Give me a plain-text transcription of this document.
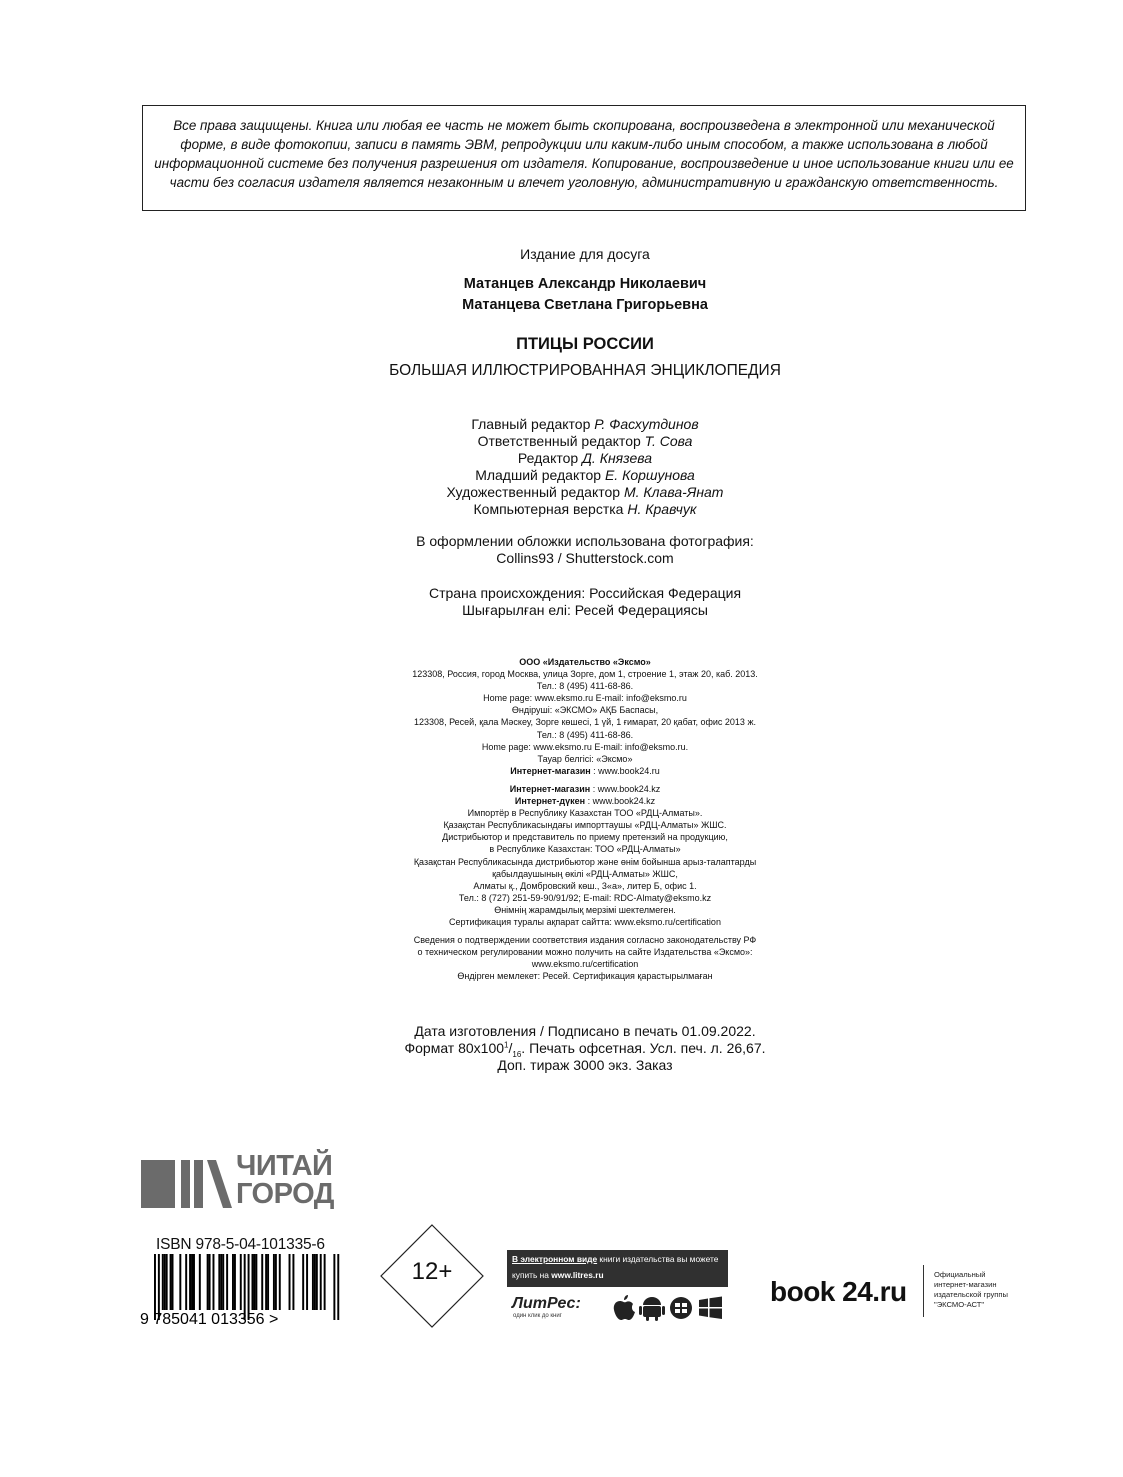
Все права защищены. Книга или любая ее часть не может быть скопирована, воспроизведена в электронной или механической форме, в виде фотокопии, записи в память ЭВМ, репродукции или каким-либо иным способом, а также использована в любой информационной системе без получения разрешения от издателя. Копирование, воспроизведение и иное использование книги или ее части без согласия издателя является незаконным и влечет уголовную, административную и гражданскую ответственность.
Издание для досуга
Матанцев Александр Николаевич
Матанцева Светлана Григорьевна
ПТИЦЫ РОССИИ
БОЛЬШАЯ ИЛЛЮСТРИРОВАННАЯ ЭНЦИКЛОПЕДИЯ
Главный редактор Р. Фасхутдинов
Ответственный редактор Т. Сова
Редактор Д. Князева
Младший редактор Е. Коршунова
Художественный редактор М. Клава-Янат
Компьютерная верстка Н. Кравчук
В оформлении обложки использована фотография:
Collins93 / Shutterstock.com
Страна происхождения: Российская Федерация
Шығарылған елі: Ресей Федерациясы
ООО «Издательство «Эксмо»
123308, Россия, город Москва, улица Зорге, дом 1, строение 1, этаж 20, каб. 2013.
Тел.: 8 (495) 411-68-86.
Home page: www.eksmo.ru E-mail: info@eksmo.ru
Өндіруші: «ЭКСМО» АҚБ Баспасы,
123308, Ресей, қала Мәскеу, Зорге көшесі, 1 үй, 1 ғимарат, 20 қабат, офис 2013 ж.
Тел.: 8 (495) 411-68-86.
Home page: www.eksmo.ru E-mail: info@eksmo.ru.
Тауар белгісі: «Эксмо»
Интернет-магазин : www.book24.ru
Интернет-магазин : www.book24.kz
Интернет-дүкен : www.book24.kz
Импортёр в Республику Казахстан ТОО «РДЦ-Алматы».
Қазақстан Республикасындағы импорттаушы «РДЦ-Алматы» ЖШС.
Дистрибьютор и представитель по приему претензий на продукцию,
в Республике Казахстан: ТОО «РДЦ-Алматы»
Қазақстан Республикасында дистрибьютор және өнім бойынша арыз-талаптарды
қабылдаушының өкілі «РДЦ-Алматы» ЖШС,
Алматы қ., Домбровский көш., 3«а», литер Б, офис 1.
Тел.: 8 (727) 251-59-90/91/92; E-mail: RDC-Almaty@eksmo.kz
Өнімнің жарамдылық мерзімі шектелмеген.
Сертификация туралы ақпарат сайтта: www.eksmo.ru/certification
Сведения о подтверждении соответствия издания согласно законодательству РФ
о техническом регулировании можно получить на сайте Издательства «Эксмо»:
www.eksmo.ru/certification
Өндірген мемлекет: Ресей. Сертификация қарастырылмаған
Дата изготовления / Подписано в печать 01.09.2022.
Формат $80х100^1/_{16}$. Печать офсетная. Усл. печ. л. 26,67.
Доп. тираж 3000 экз. Заказ
ЧИТАЙ
ГОРОД
ISBN 978-5-04-101335-6
9 785041 013356 >
12+	В электронном виде книги издательства вы можете
купить на www.litres.ru
ЛитРес:
один клик до книг
book 24.ru
Официальный
интернет-магазин
издательской группы
"ЭКСМО-АСТ"
